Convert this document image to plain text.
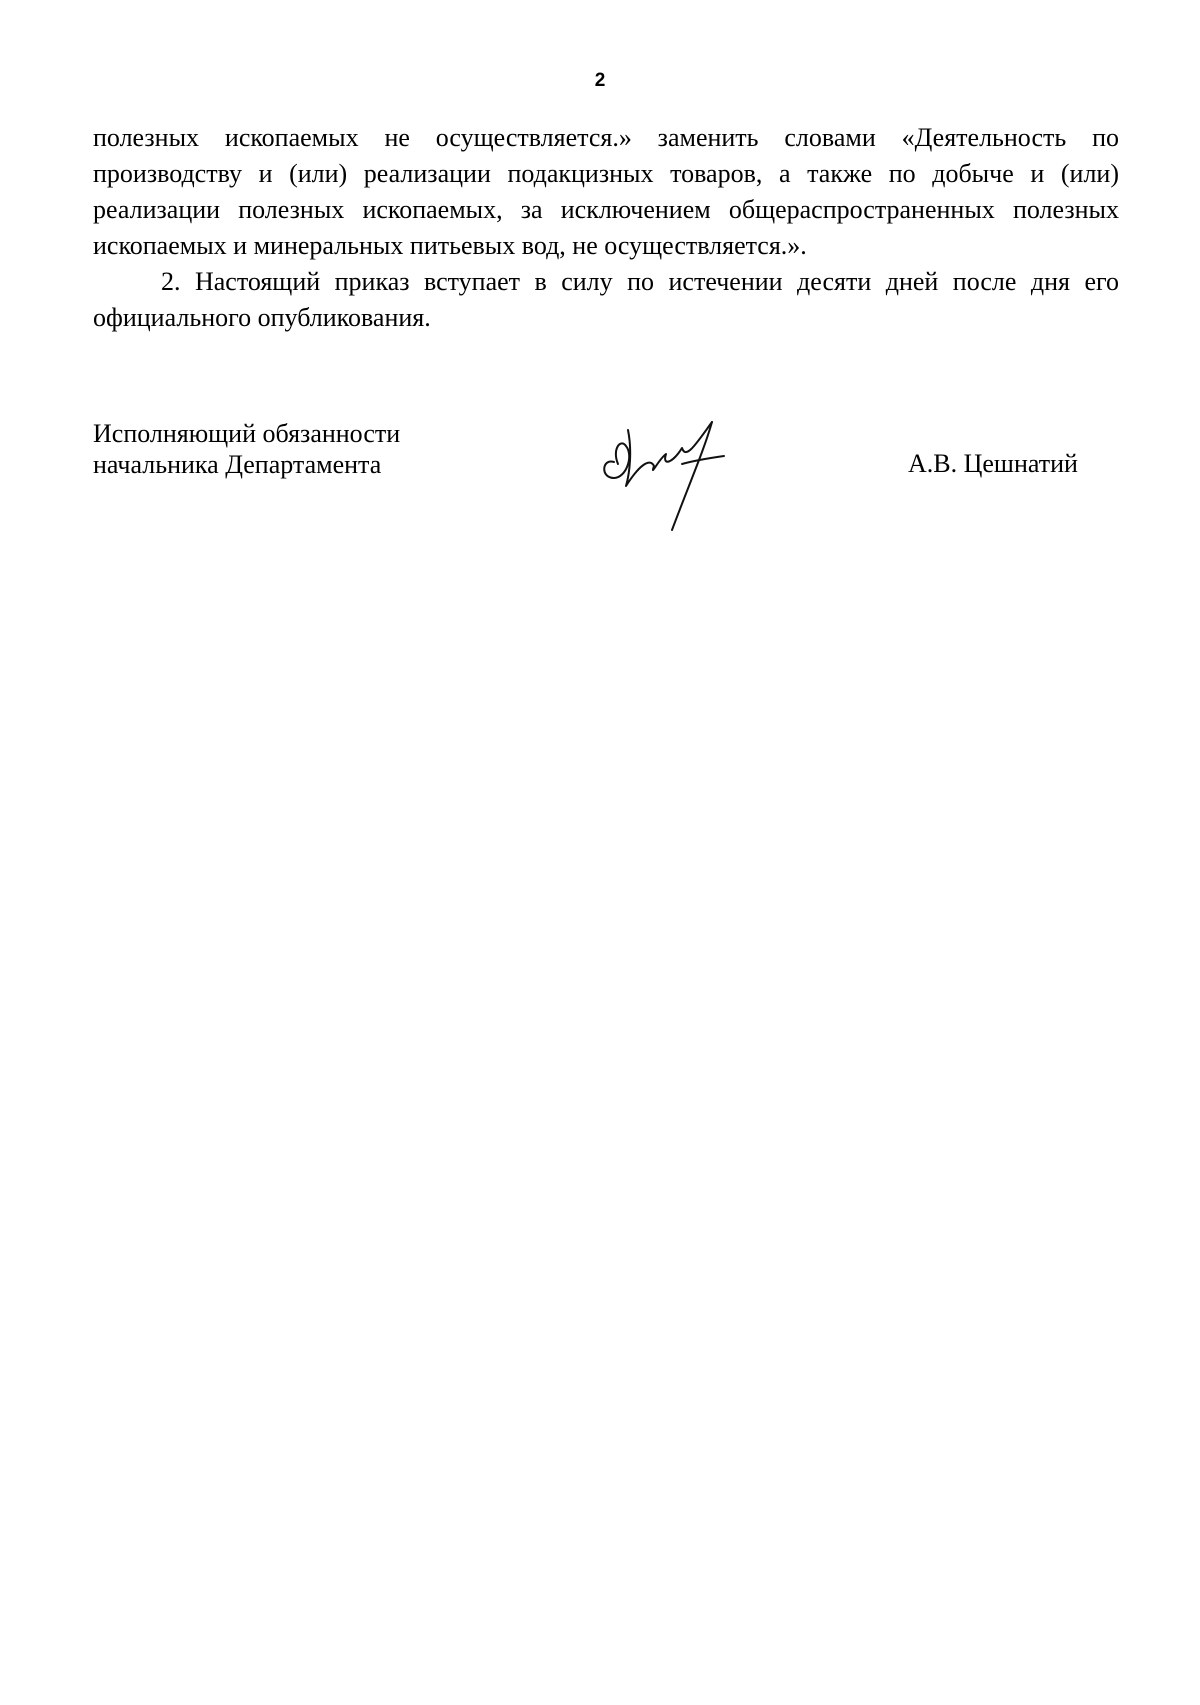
2

полезных ископаемых не осуществляется.» заменить словами «Деятельность по производству и (или) реализации подакцизных товаров, а также по добыче и (или) реализации полезных ископаемых, за исключением общераспространенных полезных ископаемых и минеральных питьевых вод, не осуществляется.».

2. Настоящий приказ вступает в силу по истечении десяти дней после дня его официального опубликования.

Исполняющий обязанности
начальника Департамента	А.В. Цешнатий
